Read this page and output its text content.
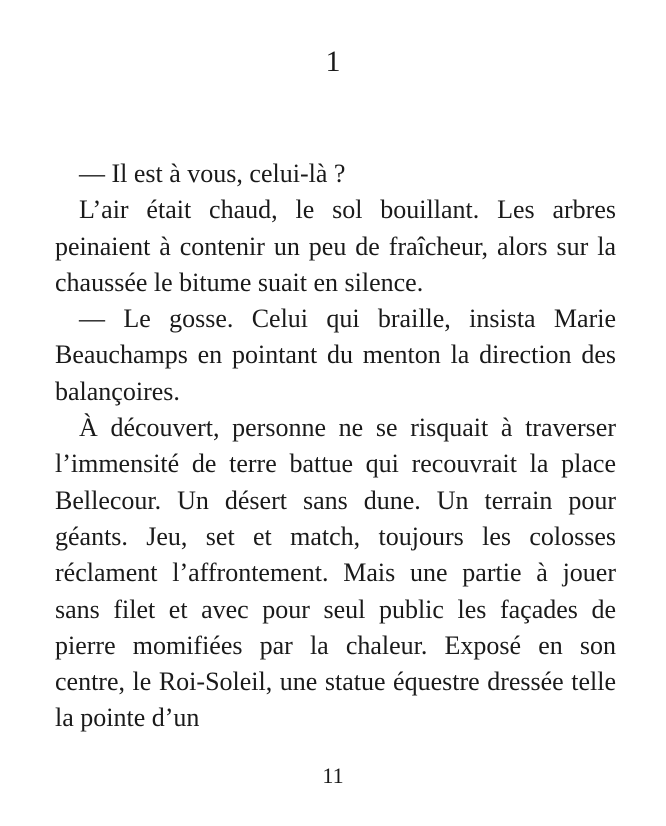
1

— Il est à vous, celui-là ?

L’air était chaud, le sol bouillant. Les arbres peinaient à contenir un peu de fraîcheur, alors sur la chaussée le bitume suait en silence.

— Le gosse. Celui qui braille, insista Marie Beauchamps en pointant du menton la direction des balançoires.

À découvert, personne ne se risquait à traverser l’immensité de terre battue qui recouvrait la place Bellecour. Un désert sans dune. Un terrain pour géants. Jeu, set et match, toujours les colosses réclament l’affrontement. Mais une partie à jouer sans filet et avec pour seul public les façades de pierre momifiées par la chaleur. Exposé en son centre, le Roi-Soleil, une statue équestre dressée telle la pointe d’un

11
